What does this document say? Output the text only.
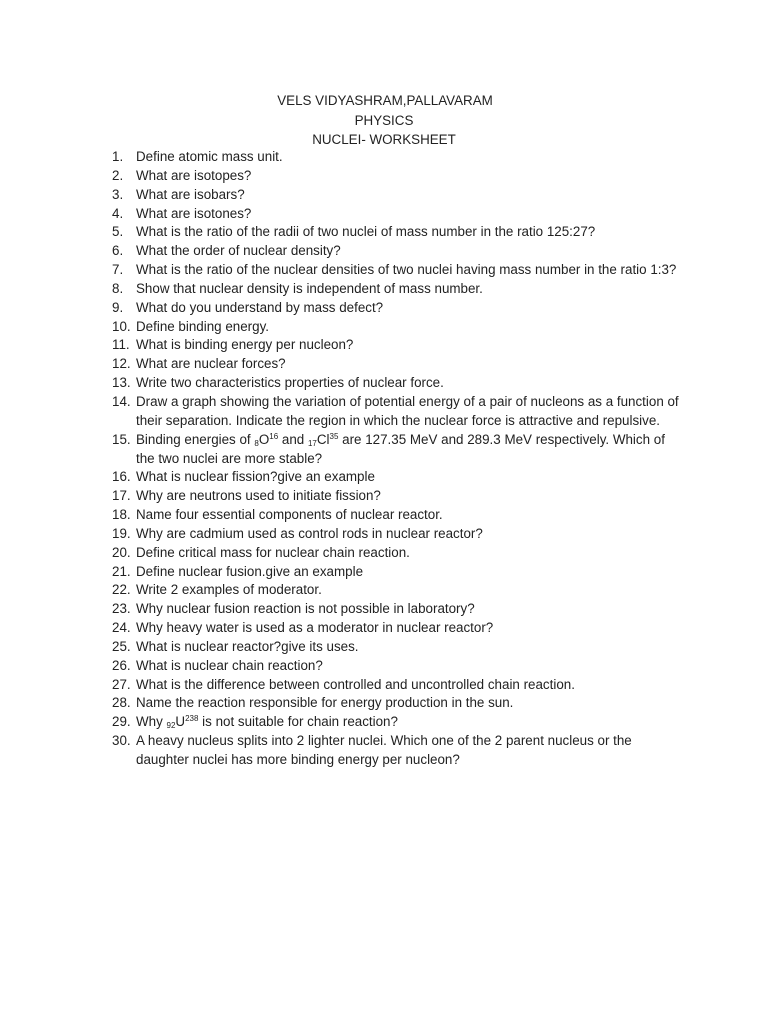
VELS VIDYASHRAM,PALLAVARAM
PHYSICS
NUCLEI- WORKSHEET
1. Define atomic mass unit.
2. What are isotopes?
3. What are isobars?
4. What are isotones?
5. What is the ratio of the radii of two nuclei of mass number in the ratio 125:27?
6. What the order of nuclear density?
7. What is the ratio of the nuclear densities of two nuclei having mass number in the ratio 1:3?
8. Show that nuclear density is independent of mass number.
9. What do you understand by mass defect?
10. Define binding energy.
11. What is binding energy per nucleon?
12. What are nuclear forces?
13. Write two characteristics properties of nuclear force.
14. Draw a graph showing the variation of potential energy of a pair of nucleons as a function of their separation. Indicate the region in which the nuclear force is attractive and repulsive.
15. Binding energies of $_8O^{16}$ and $_{17}Cl^{35}$ are 127.35 MeV and 289.3 MeV respectively. Which of the two nuclei are more stable?
16. What is nuclear fission?give an example
17. Why are neutrons used to initiate fission?
18. Name four essential components of nuclear reactor.
19. Why are cadmium used as control rods in nuclear reactor?
20. Define critical mass for nuclear chain reaction.
21. Define nuclear fusion.give an example
22. Write 2 examples of moderator.
23. Why nuclear fusion reaction is not possible in laboratory?
24. Why heavy water is used as a moderator in nuclear reactor?
25. What is nuclear reactor?give its uses.
26. What is nuclear chain reaction?
27. What is the difference between controlled and uncontrolled chain reaction.
28. Name the reaction responsible for energy production in the sun.
29. Why $_{92}U^{238}$ is not suitable for chain reaction?
30. A heavy nucleus splits into 2 lighter nuclei. Which one of the 2 parent nucleus or the daughter nuclei has more binding energy per nucleon?
